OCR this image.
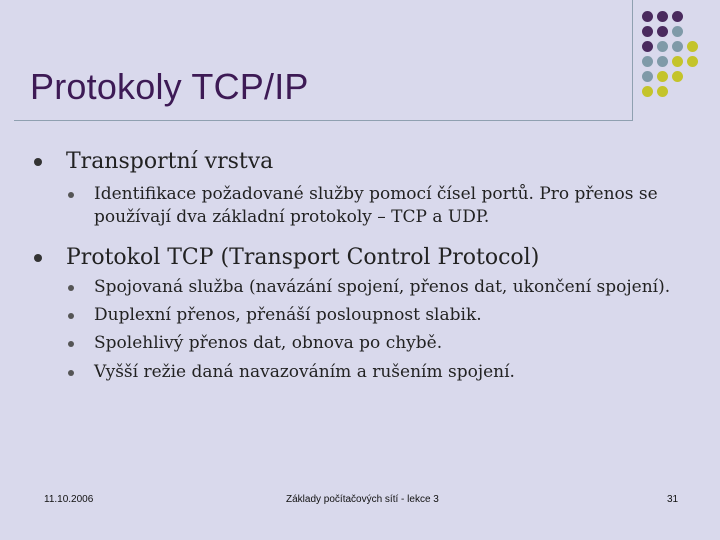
Protokoly TCP/IP
Transportní vrstva
Identifikace požadované služby pomocí čísel portů. Pro přenos se
používají dva základní protokoly – TCP a UDP.
Protokol TCP (Transport Control Protocol)
Spojovaná služba (navázání spojení, přenos dat, ukončení spojení).
Duplexní přenos, přenáší posloupnost slabik.
Spolehlivý přenos dat, obnova po chybě.
Vyšší režie daná navazováním a rušením spojení.
11.10.2006	Základy počítačových sítí - lekce 3	31
